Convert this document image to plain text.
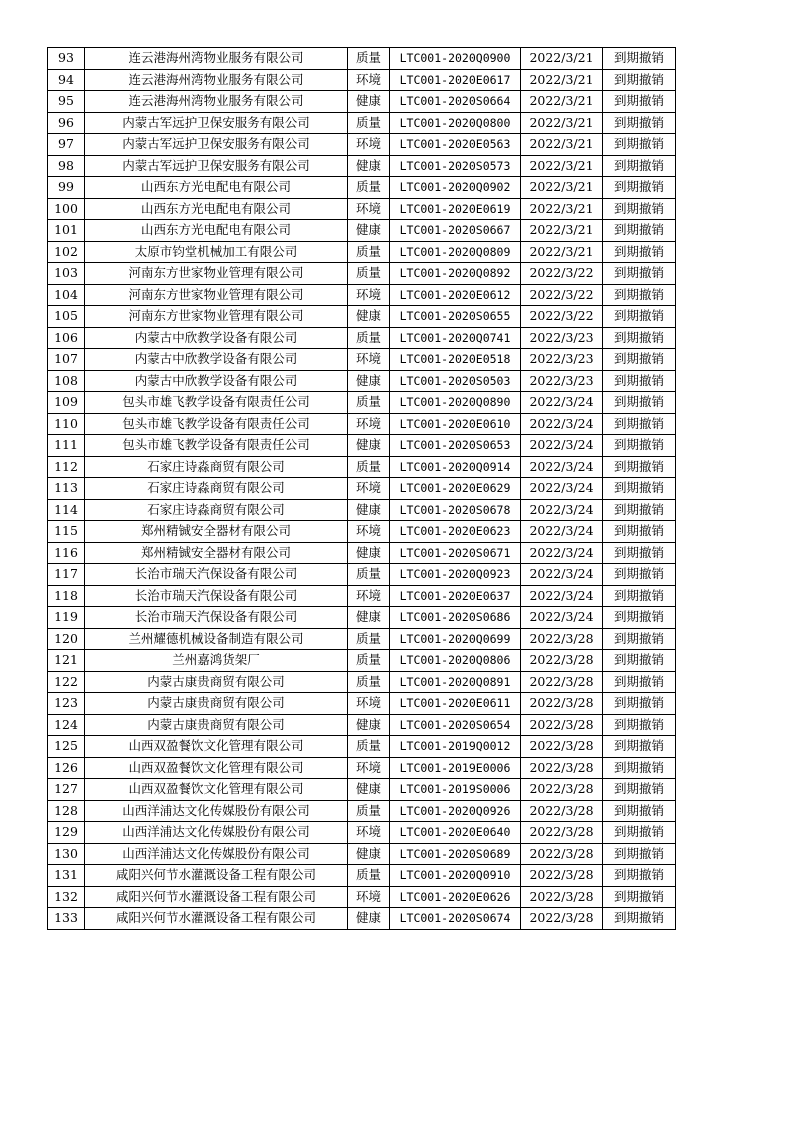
93	连云港海州湾物业服务有限公司	质量	LTC001-2020Q0900	2022/3/21	到期撤销
94	连云港海州湾物业服务有限公司	环境	LTC001-2020E0617	2022/3/21	到期撤销
95	连云港海州湾物业服务有限公司	健康	LTC001-2020S0664	2022/3/21	到期撤销
96	内蒙古军远护卫保安服务有限公司	质量	LTC001-2020Q0800	2022/3/21	到期撤销
97	内蒙古军远护卫保安服务有限公司	环境	LTC001-2020E0563	2022/3/21	到期撤销
98	内蒙古军远护卫保安服务有限公司	健康	LTC001-2020S0573	2022/3/21	到期撤销
99	山西东方光电配电有限公司	质量	LTC001-2020Q0902	2022/3/21	到期撤销
100	山西东方光电配电有限公司	环境	LTC001-2020E0619	2022/3/21	到期撤销
101	山西东方光电配电有限公司	健康	LTC001-2020S0667	2022/3/21	到期撤销
102	太原市钧堂机械加工有限公司	质量	LTC001-2020Q0809	2022/3/21	到期撤销
103	河南东方世家物业管理有限公司	质量	LTC001-2020Q0892	2022/3/22	到期撤销
104	河南东方世家物业管理有限公司	环境	LTC001-2020E0612	2022/3/22	到期撤销
105	河南东方世家物业管理有限公司	健康	LTC001-2020S0655	2022/3/22	到期撤销
106	内蒙古中欣教学设备有限公司	质量	LTC001-2020Q0741	2022/3/23	到期撤销
107	内蒙古中欣教学设备有限公司	环境	LTC001-2020E0518	2022/3/23	到期撤销
108	内蒙古中欣教学设备有限公司	健康	LTC001-2020S0503	2022/3/23	到期撤销
109	包头市雄飞教学设备有限责任公司	质量	LTC001-2020Q0890	2022/3/24	到期撤销
110	包头市雄飞教学设备有限责任公司	环境	LTC001-2020E0610	2022/3/24	到期撤销
111	包头市雄飞教学设备有限责任公司	健康	LTC001-2020S0653	2022/3/24	到期撤销
112	石家庄诗淼商贸有限公司	质量	LTC001-2020Q0914	2022/3/24	到期撤销
113	石家庄诗淼商贸有限公司	环境	LTC001-2020E0629	2022/3/24	到期撤销
114	石家庄诗淼商贸有限公司	健康	LTC001-2020S0678	2022/3/24	到期撤销
115	郑州精铖安全器材有限公司	环境	LTC001-2020E0623	2022/3/24	到期撤销
116	郑州精铖安全器材有限公司	健康	LTC001-2020S0671	2022/3/24	到期撤销
117	长治市瑞天汽保设备有限公司	质量	LTC001-2020Q0923	2022/3/24	到期撤销
118	长治市瑞天汽保设备有限公司	环境	LTC001-2020E0637	2022/3/24	到期撤销
119	长治市瑞天汽保设备有限公司	健康	LTC001-2020S0686	2022/3/24	到期撤销
120	兰州耀德机械设备制造有限公司	质量	LTC001-2020Q0699	2022/3/28	到期撤销
121	兰州嘉鸿货架厂	质量	LTC001-2020Q0806	2022/3/28	到期撤销
122	内蒙古康贵商贸有限公司	质量	LTC001-2020Q0891	2022/3/28	到期撤销
123	内蒙古康贵商贸有限公司	环境	LTC001-2020E0611	2022/3/28	到期撤销
124	内蒙古康贵商贸有限公司	健康	LTC001-2020S0654	2022/3/28	到期撤销
125	山西双盈餐饮文化管理有限公司	质量	LTC001-2019Q0012	2022/3/28	到期撤销
126	山西双盈餐饮文化管理有限公司	环境	LTC001-2019E0006	2022/3/28	到期撤销
127	山西双盈餐饮文化管理有限公司	健康	LTC001-2019S0006	2022/3/28	到期撤销
128	山西洋浦达文化传媒股份有限公司	质量	LTC001-2020Q0926	2022/3/28	到期撤销
129	山西洋浦达文化传媒股份有限公司	环境	LTC001-2020E0640	2022/3/28	到期撤销
130	山西洋浦达文化传媒股份有限公司	健康	LTC001-2020S0689	2022/3/28	到期撤销
131	咸阳兴何节水灌溉设备工程有限公司	质量	LTC001-2020Q0910	2022/3/28	到期撤销
132	咸阳兴何节水灌溉设备工程有限公司	环境	LTC001-2020E0626	2022/3/28	到期撤销
133	咸阳兴何节水灌溉设备工程有限公司	健康	LTC001-2020S0674	2022/3/28	到期撤销
